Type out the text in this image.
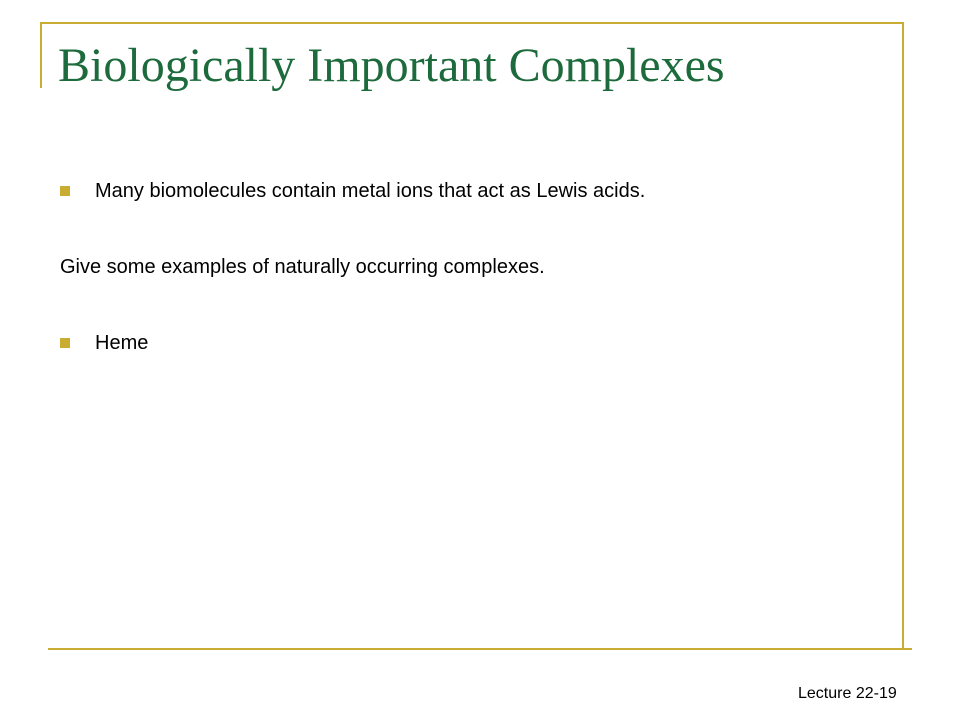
Biologically Important Complexes
Many biomolecules contain metal ions that act as Lewis acids.
Give some examples of naturally occurring complexes.
Heme
Lecture 22-19
